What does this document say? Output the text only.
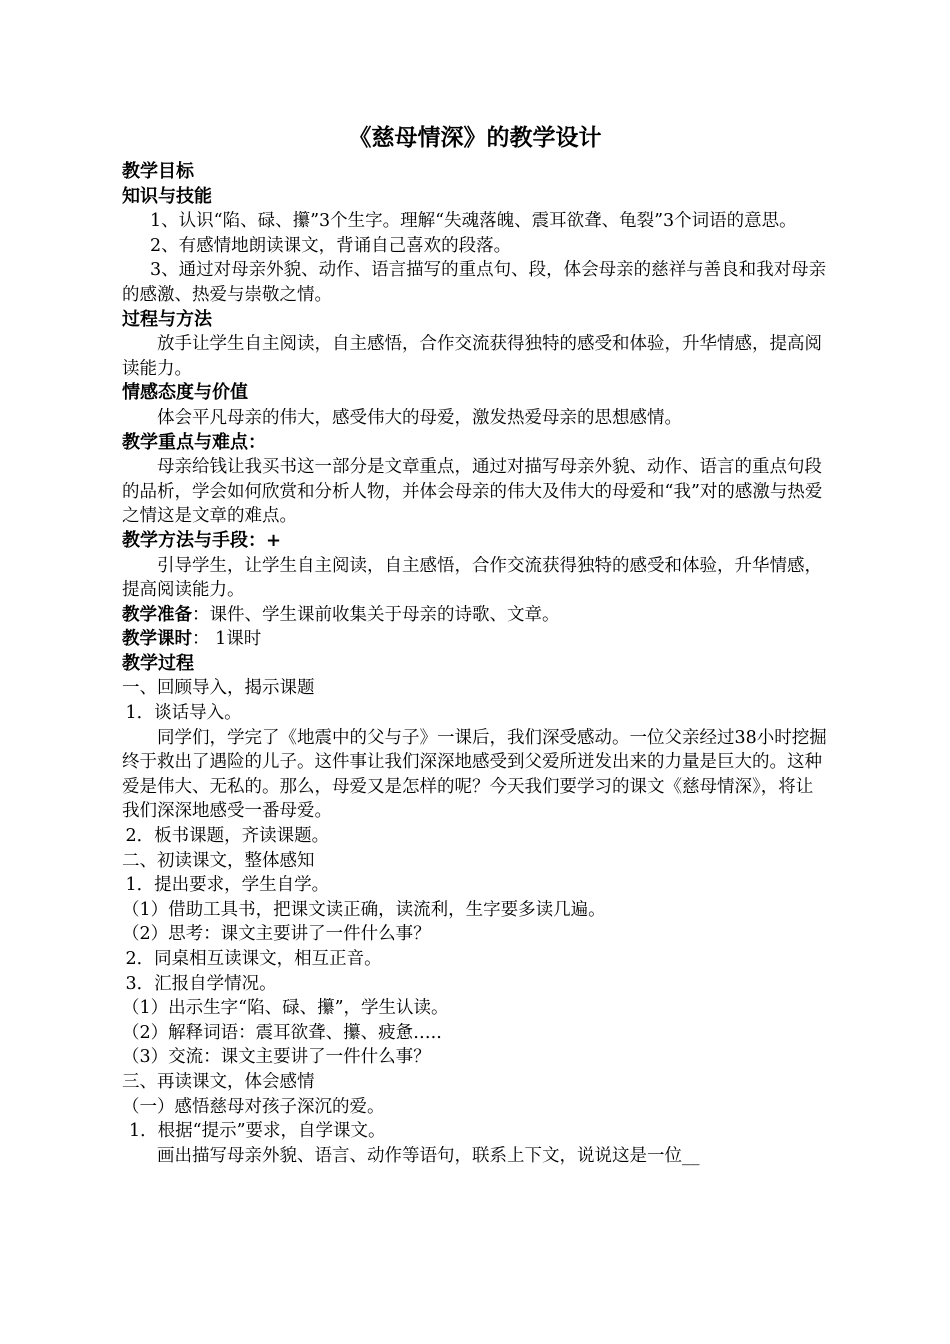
《慈母情深》的教学设计

教学目标

知识与技能

1、认识“陷、碌、攥”3个生字。理解“失魂落魄、震耳欲聋、龟裂”3个词语的意思。

2、有感情地朗读课文，背诵自己喜欢的段落。

3、通过对母亲外貌、动作、语言描写的重点句、段，体会母亲的慈祥与善良和我对母亲的感激、热爱与崇敬之情。

过程与方法

放手让学生自主阅读，自主感悟，合作交流获得独特的感受和体验，升华情感，提高阅读能力。

情感态度与价值

体会平凡母亲的伟大，感受伟大的母爱，激发热爱母亲的思想感情。

教学重点与难点：

母亲给钱让我买书这一部分是文章重点，通过对描写母亲外貌、动作、语言的重点句段的品析，学会如何欣赏和分析人物，并体会母亲的伟大及伟大的母爱和“我”对的感激与热爱之情这是文章的难点。

教学方法与手段：+

引导学生，让学生自主阅读，自主感悟，合作交流获得独特的感受和体验，升华情感，提高阅读能力。

教学准备：课件、学生课前收集关于母亲的诗歌、文章。

教学课时： 1课时

教学过程

一、回顾导入，揭示课题

1．谈话导入。

同学们，学完了《地震中的父与子》一课后，我们深受感动。一位父亲经过38小时挖掘终于救出了遇险的儿子。这件事让我们深深地感受到父爱所迸发出来的力量是巨大的。这种爱是伟大、无私的。那么，母爱又是怎样的呢？今天我们要学习的课文《慈母情深》，将让我们深深地感受一番母爱。

2．板书课题，齐读课题。

二、初读课文，整体感知

1．提出要求，学生自学。

（1）借助工具书，把课文读正确，读流利，生字要多读几遍。

（2）思考：课文主要讲了一件什么事？

2．同桌相互读课文，相互正音。

3．汇报自学情况。

（1）出示生字“陷、碌、攥”，学生认读。

（2）解释词语：震耳欲聋、攥、疲惫…..

（3）交流：课文主要讲了一件什么事？

三、再读课文，体会感情

（一）感悟慈母对孩子深沉的爱。

1．根据“提示”要求，自学课文。

画出描写母亲外貌、语言、动作等语句，联系上下文，说说这是一位__
